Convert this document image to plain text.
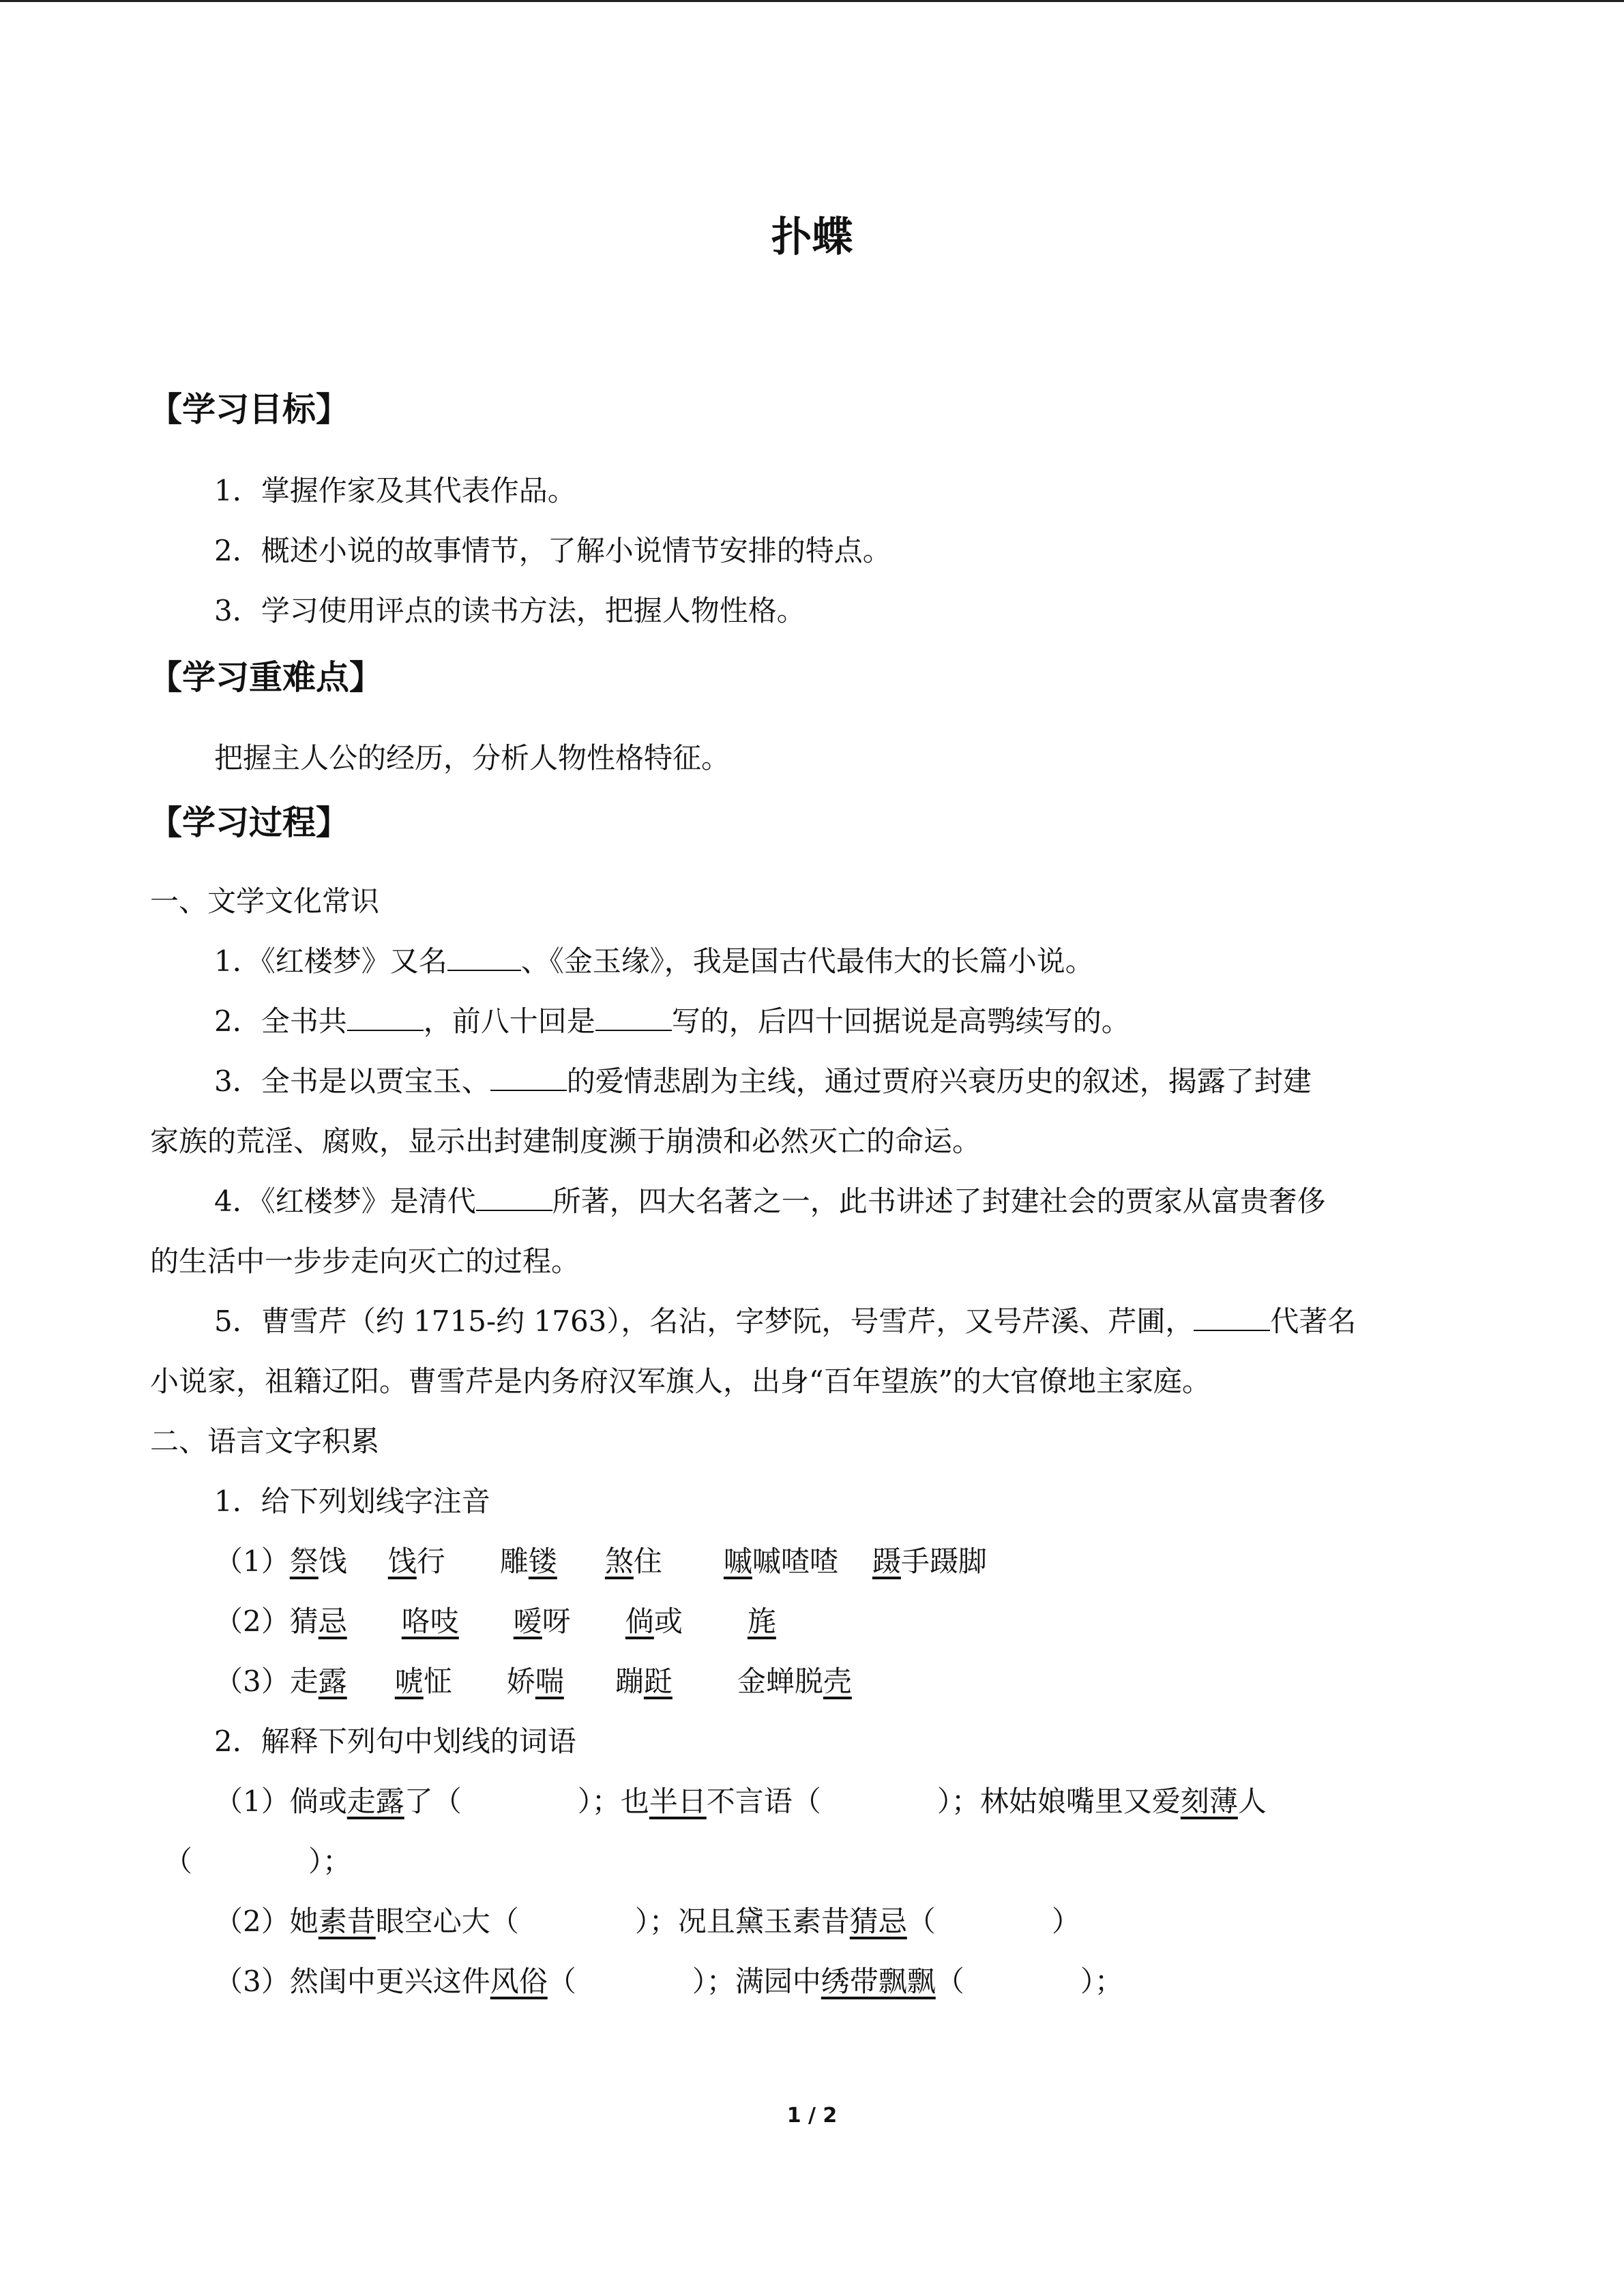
扑蝶
【学习目标】
1．掌握作家及其代表作品。
2．概述小说的故事情节，了解小说情节安排的特点。
3．学习使用评点的读书方法，把握人物性格。
【学习重难点】
把握主人公的经历，分析人物性格特征。
【学习过程】
一、文学文化常识
1．《红楼梦》又名	、《金玉缘》，我是国古代最伟大的长篇小说。
2．全书共	，前八十回是	写的，后四十回据说是高鹗续写的。
3．全书是以贾宝玉、	的爱情悲剧为主线，通过贾府兴衰历史的叙述，揭露了封建
家族的荒淫、腐败，显示出封建制度濒于崩溃和必然灭亡的命运。
4．《红楼梦》是清代	所著，四大名著之一，此书讲述了封建社会的贾家从富贵奢侈
的生活中一步步走向灭亡的过程。
5．曹雪芹（约 1715-约 1763），名沾，字梦阮，号雪芹，又号芹溪、芹圃，	代著名
小说家，祖籍辽阳。曹雪芹是内务府汉军旗人，出身“百年望族”的大官僚地主家庭。
二、语言文字积累
1．给下列划线字注音
（1）祭饯 饯行 雕镂 煞住 嘁嘁喳喳 蹑手蹑脚
（2）猜忌 咯吱 嗳呀 倘或 旄
（3）走露 唬怔 娇喘 蹦跹 金蝉脱壳
2．解释下列句中划线的词语
（1）倘或走露了（	）；也半日不言语（	）；林姑娘嘴里又爱刻薄人
（	）；
（2）她素昔眼空心大（	）；况且黛玉素昔猜忌（	）
（3）然闺中更兴这件风俗（	）；满园中绣带飘飘（	）；
1 / 2
